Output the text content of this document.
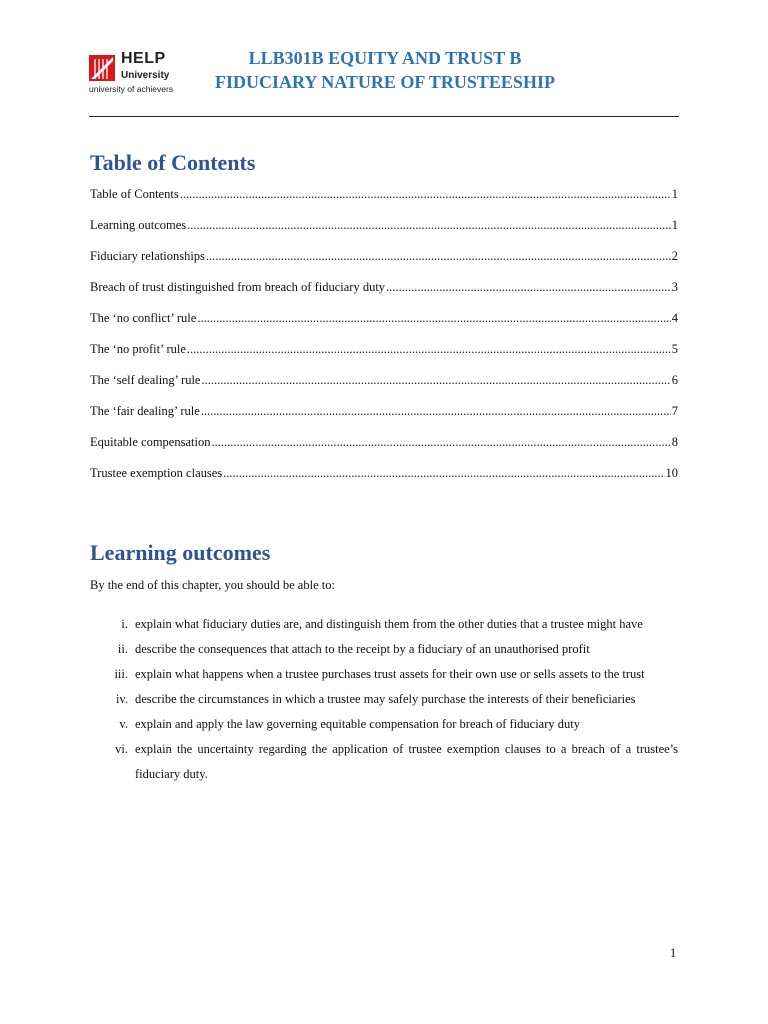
HELP
University
university of achievers
LLB301B EQUITY AND TRUST B
FIDUCIARY NATURE OF TRUSTEESHIP
Table of Contents
Table of Contents .....	1
Learning outcomes .....	1
Fiduciary relationships .....	2
Breach of trust distinguished from breach of fiduciary duty .....	3
The ‘no conflict’ rule .....	4
The ‘no profit’ rule .....	5
The ‘self dealing’ rule .....	6
The ‘fair dealing’ rule .....	7
Equitable compensation .....	8
Trustee exemption clauses .....	10
Learning outcomes
By the end of this chapter, you should be able to:
i. explain what fiduciary duties are, and distinguish them from the other duties that a trustee might have
ii. describe the consequences that attach to the receipt by a fiduciary of an unauthorised profit
iii. explain what happens when a trustee purchases trust assets for their own use or sells assets to the trust
iv. describe the circumstances in which a trustee may safely purchase the interests of their beneficiaries
v. explain and apply the law governing equitable compensation for breach of fiduciary duty
vi. explain the uncertainty regarding the application of trustee exemption clauses to a breach of a trustee’s fiduciary duty.
1
